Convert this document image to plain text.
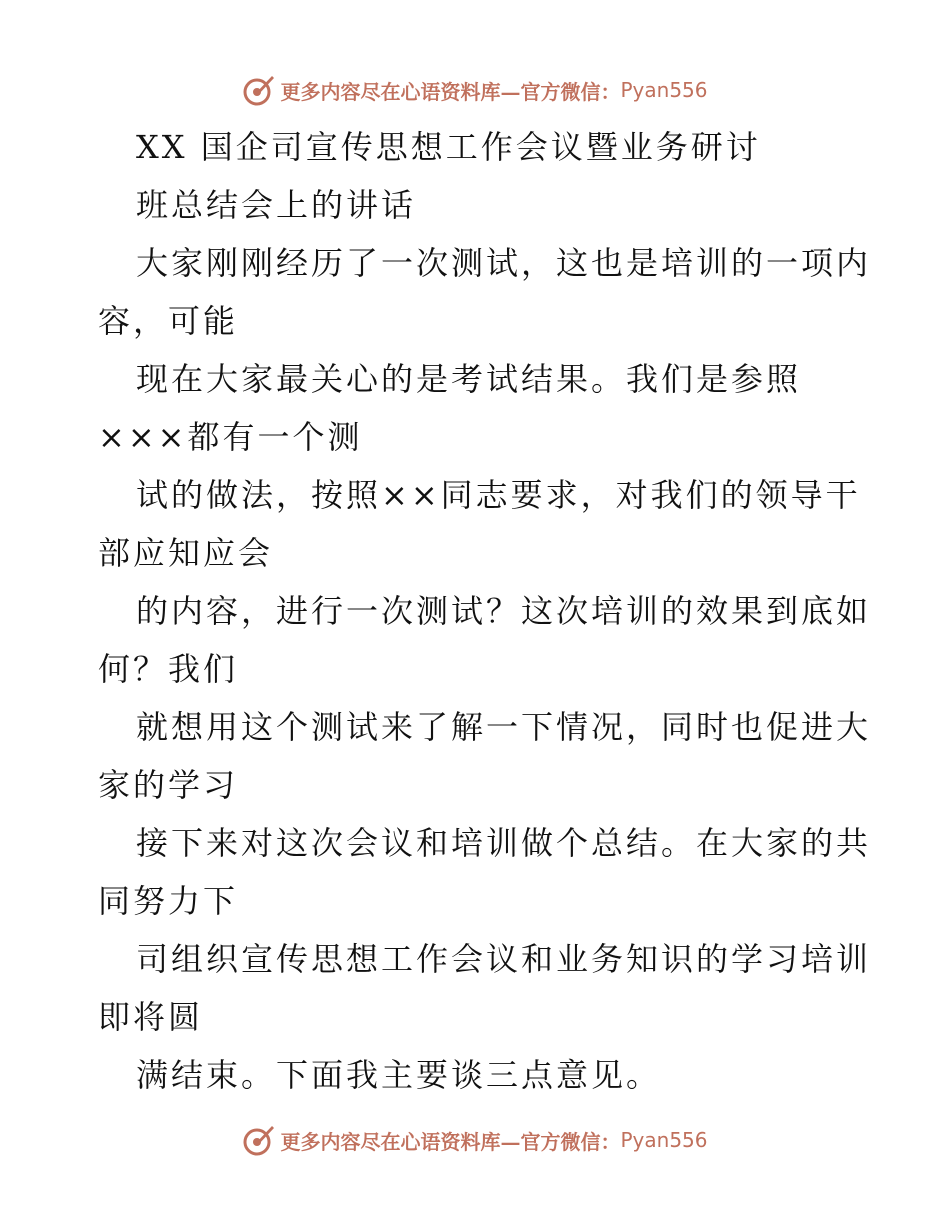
更多内容尽在心语资料库—官方微信： Pyan556
XX 国企司宣传思想工作会议暨业务研讨
班总结会上的讲话
大家刚刚经历了一次测试，这也是培训的一项内
容，可能
现在大家最关心的是考试结果。我们是参照
×××都有一个测
试的做法，按照××同志要求，对我们的领导干
部应知应会
的内容，进行一次测试？这次培训的效果到底如
何？我们
就想用这个测试来了解一下情况，同时也促进大
家的学习
接下来对这次会议和培训做个总结。在大家的共
同努力下
司组织宣传思想工作会议和业务知识的学习培训
即将圆
满结束。下面我主要谈三点意见。
更多内容尽在心语资料库—官方微信： Pyan556
